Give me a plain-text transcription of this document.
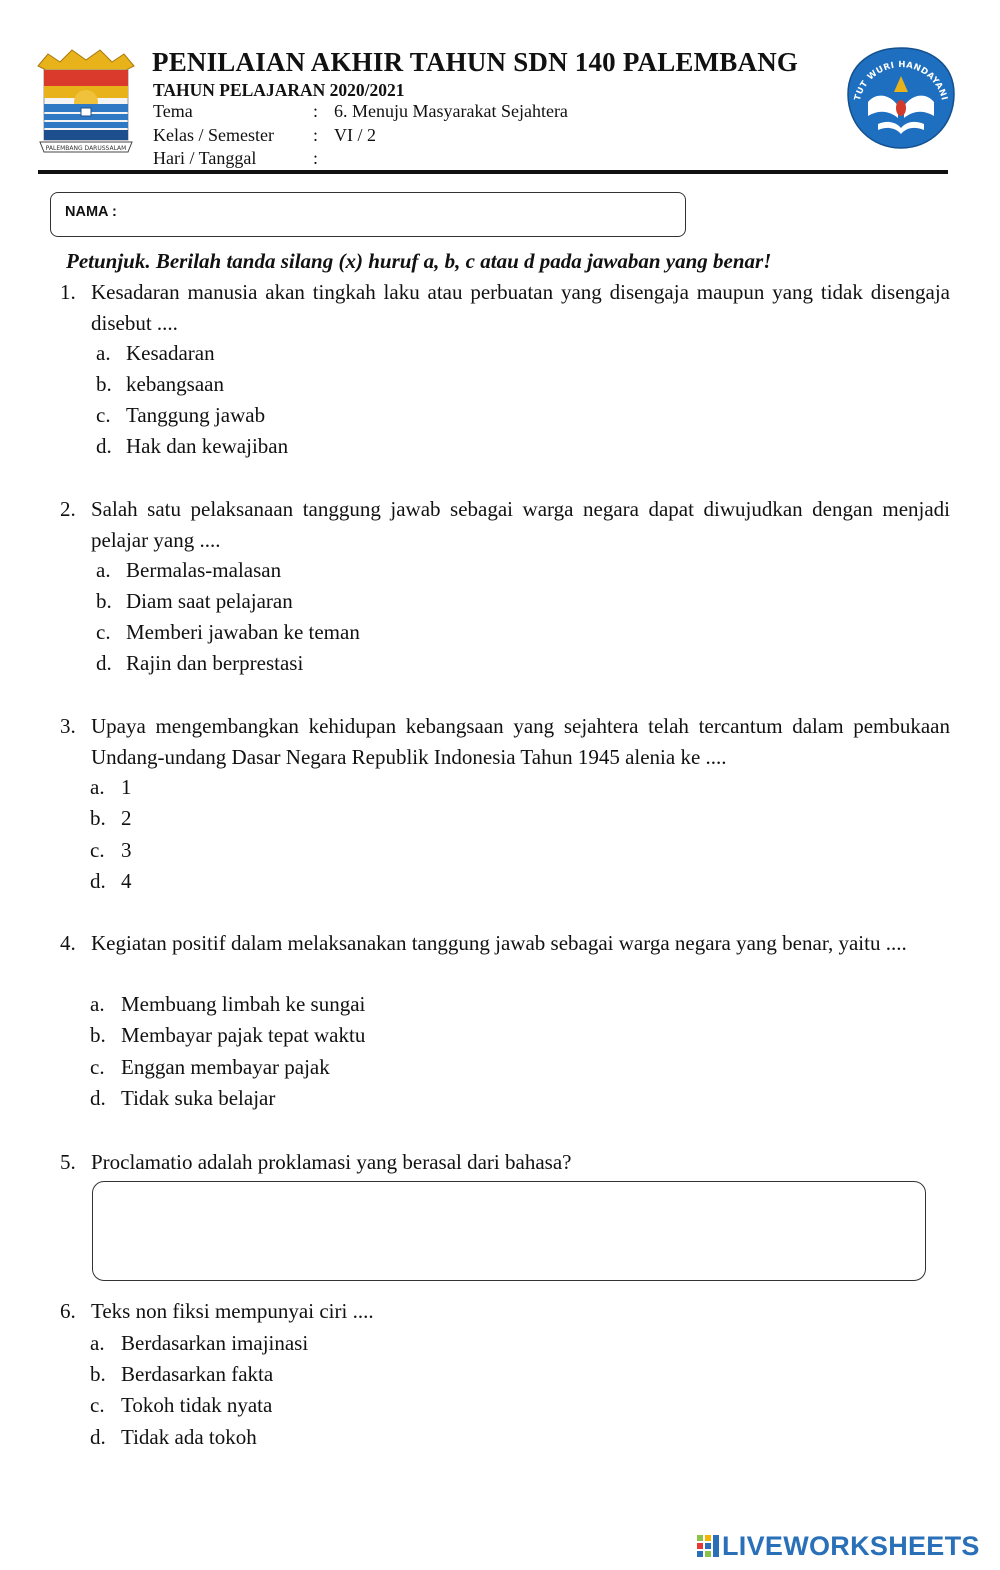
PALEMBANG DARUSSALAM
PENILAIAN AKHIR TAHUN SDN 140 PALEMBANG
TAHUN PELAJARAN 2020/2021
Tema	: 6. Menuju Masyarakat Sejahtera
Kelas / Semester : VI / 2
Hari / Tanggal	:
TUT WURI HANDAYANI
NAMA :
Petunjuk. Berilah tanda silang (x) huruf a, b, c atau d pada jawaban yang benar!
1. Kesadaran manusia akan tingkah laku atau perbuatan yang disengaja maupun yang tidak disengaja disebut ....
a. Kesadaran
b. kebangsaan
c. Tanggung jawab
d. Hak dan kewajiban
2. Salah satu pelaksanaan tanggung jawab sebagai warga negara dapat diwujudkan dengan menjadi pelajar yang ....
a. Bermalas-malasan
b. Diam saat pelajaran
c. Memberi jawaban ke teman
d. Rajin dan berprestasi
3. Upaya mengembangkan kehidupan kebangsaan yang sejahtera telah tercantum dalam pembukaan Undang-undang Dasar Negara Republik Indonesia Tahun 1945 alenia ke ....
a. 1
b. 2
c. 3
d. 4
4. Kegiatan positif dalam melaksanakan tanggung jawab sebagai warga negara yang benar, yaitu ....
a. Membuang limbah ke sungai
b. Membayar pajak tepat waktu
c. Enggan membayar pajak
d. Tidak suka belajar
5. Proclamatio adalah proklamasi yang berasal dari bahasa?
6. Teks non fiksi mempunyai ciri ....
a. Berdasarkan imajinasi
b. Berdasarkan fakta
c. Tokoh tidak nyata
d. Tidak ada tokoh
LIVEWORKSHEETS
